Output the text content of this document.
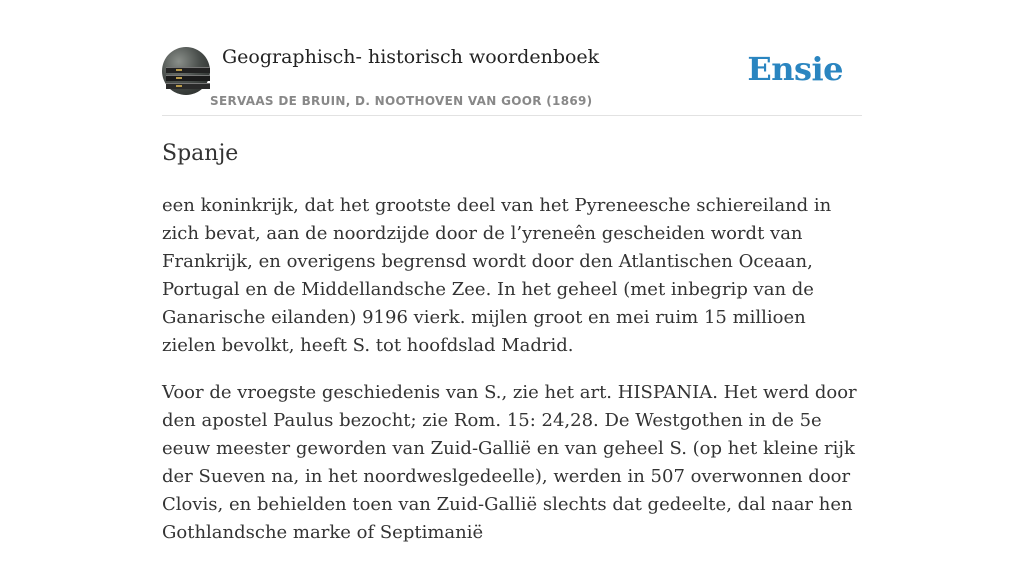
Geographisch- historisch woordenboek
SERVAAS DE BRUIN, D. NOOTHOVEN VAN GOOR (1869)
Ensie
Spanje

een koninkrijk, dat het grootste deel van het Pyreneesche schiereiland in zich bevat, aan de noordzijde door de l’yreneên gescheiden wordt van Frankrijk, en overigens begrensd wordt door den Atlantischen Oceaan, Portugal en de Middellandsche Zee. In het geheel (met inbegrip van de Ganarische eilanden) 9196 vierk. mijlen groot en mei ruim 15 millioen zielen bevolkt, heeft S. tot hoofdslad Madrid.

Voor de vroegste geschiedenis van S., zie het art. HISPANIA. Het werd door den apostel Paulus bezocht; zie Rom. 15: 24,28. De Westgothen in de 5e eeuw meester geworden van Zuid-Gallië en van geheel S. (op het kleine rijk der Sueven na, in het noordweslgedeelle), werden in 507 overwonnen door Clovis, en behielden toen van Zuid-Gallië slechts dat gedeelte, dal naar hen Gothlandsche marke of Septimanië
